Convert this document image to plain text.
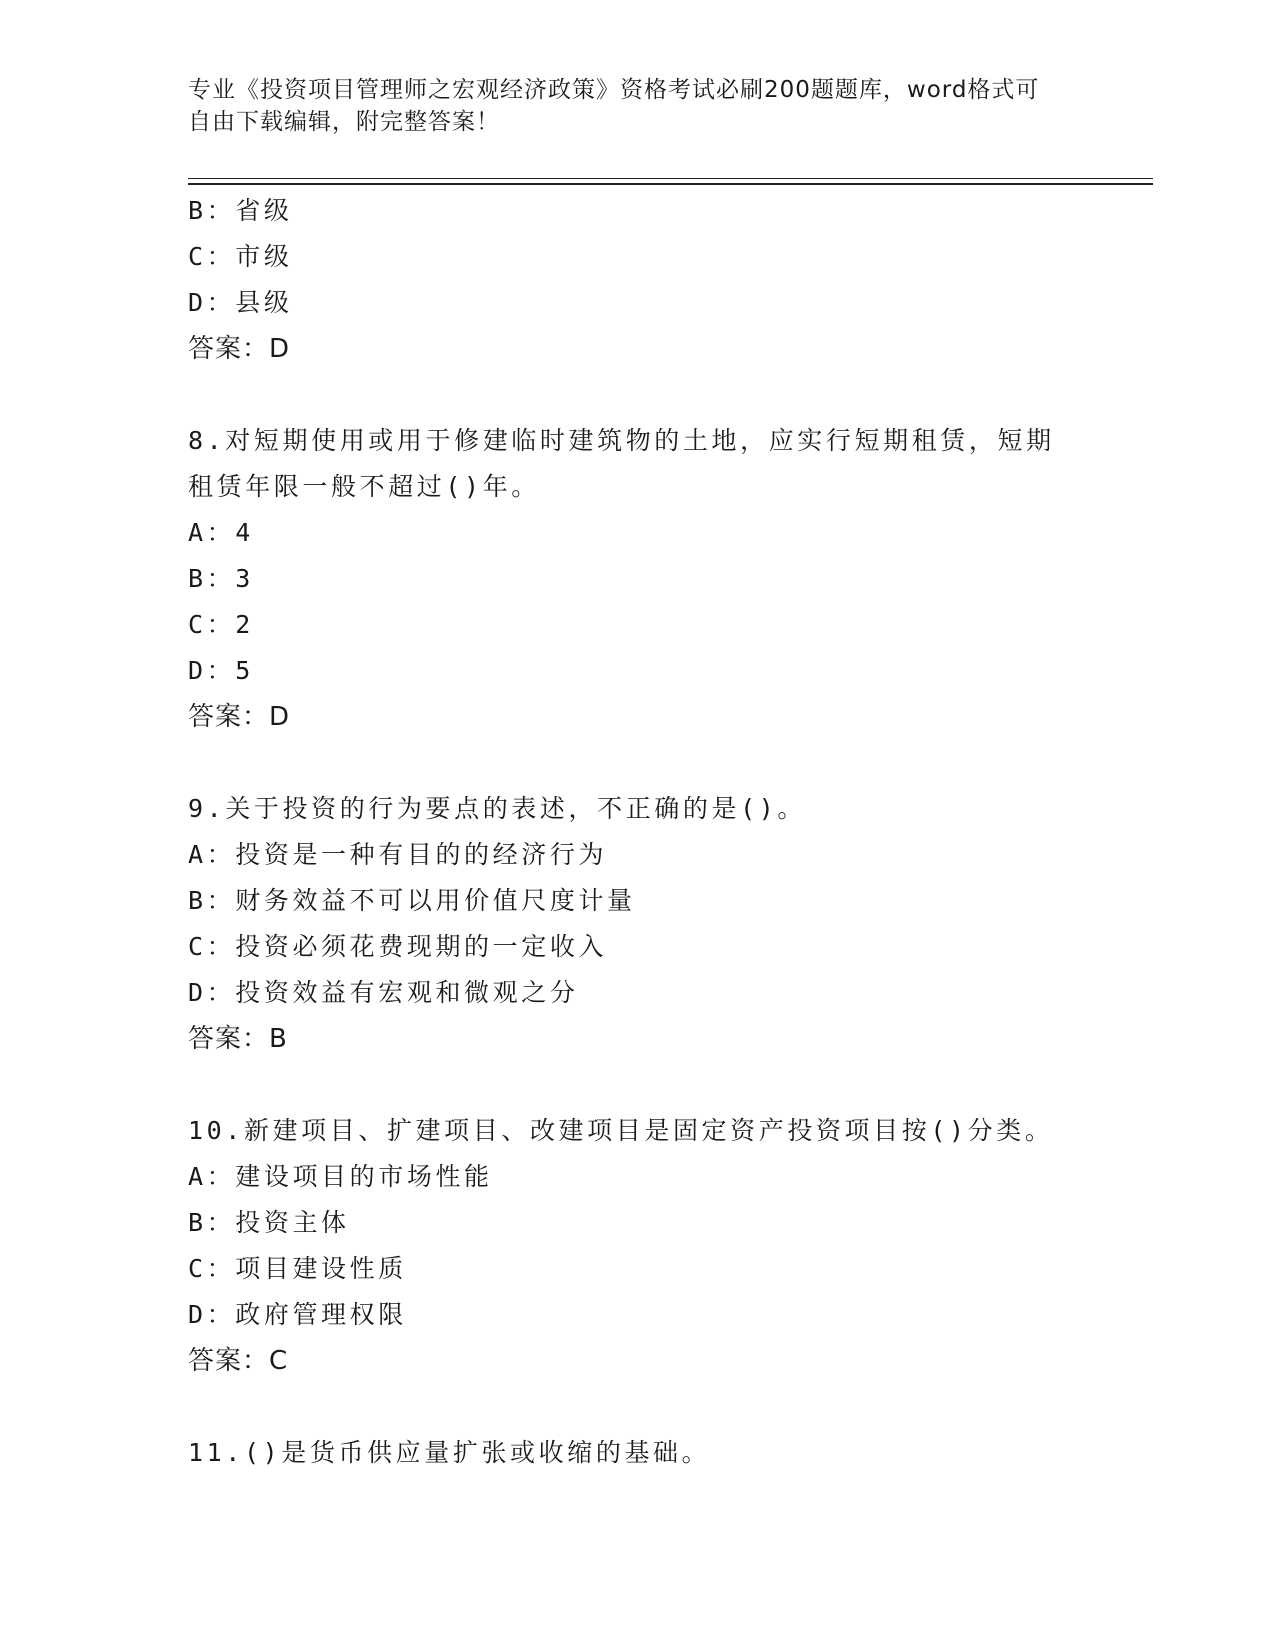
专业《投资项目管理师之宏观经济政策》资格考试必刷200题题库，word格式可
自由下载编辑，附完整答案！
B：省级
C：市级
D：县级
答案：D
8.对短期使用或用于修建临时建筑物的土地，应实行短期租赁，短期
租赁年限一般不超过()年。
A：4
B：3
C：2
D：5
答案：D
9.关于投资的行为要点的表述，不正确的是()。
A：投资是一种有目的的经济行为
B：财务效益不可以用价值尺度计量
C：投资必须花费现期的一定收入
D：投资效益有宏观和微观之分
答案：B
10.新建项目、扩建项目、改建项目是固定资产投资项目按()分类。
A：建设项目的市场性能
B：投资主体
C：项目建设性质
D：政府管理权限
答案：C
11.()是货币供应量扩张或收缩的基础。
